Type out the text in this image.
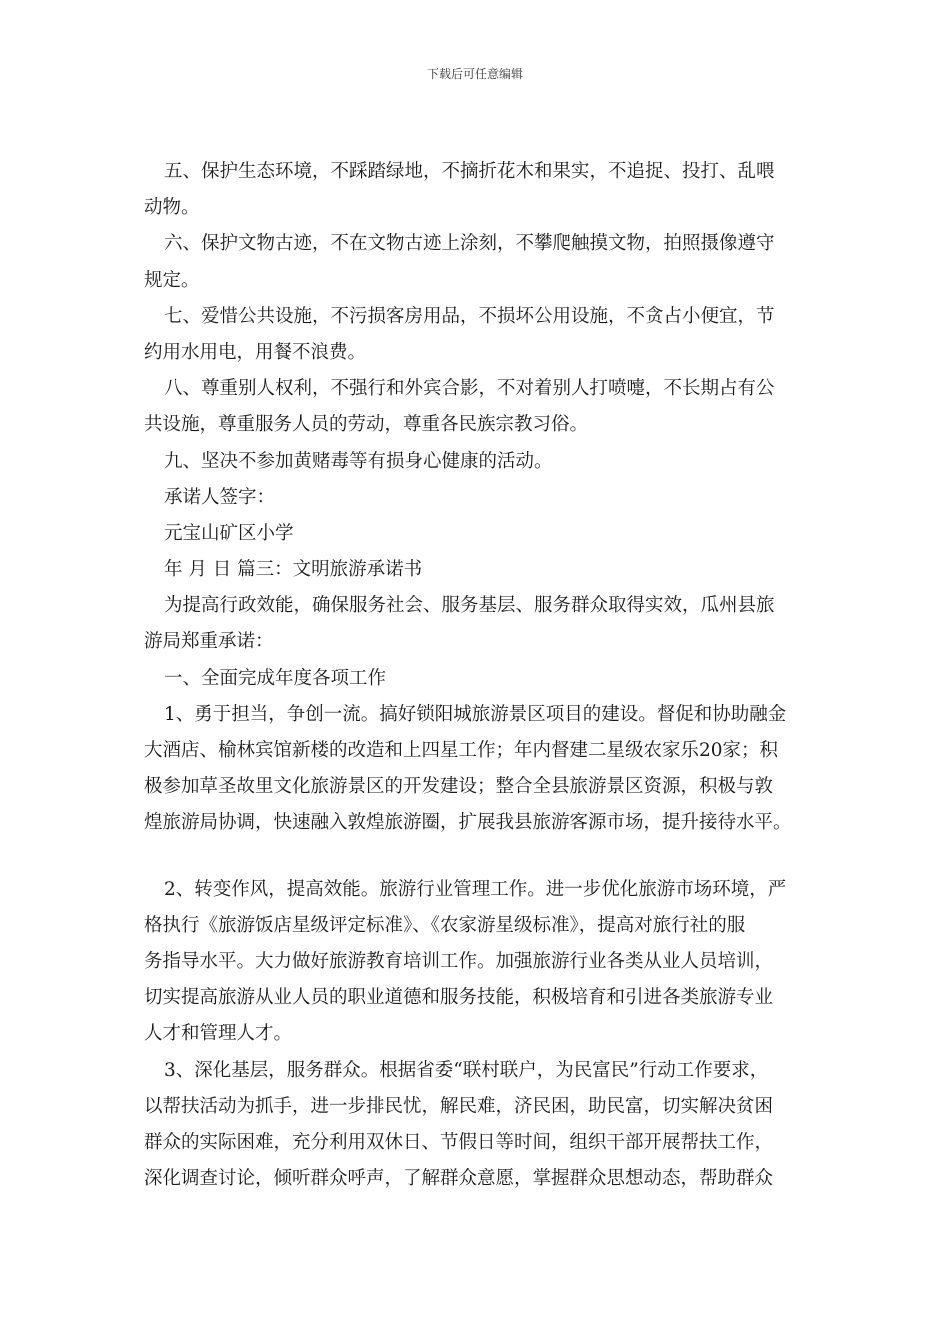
下载后可任意编辑
五、保护生态环境，不踩踏绿地，不摘折花木和果实，不追捉、投打、乱喂
动物。
六、保护文物古迹，不在文物古迹上涂刻，不攀爬触摸文物，拍照摄像遵守
规定。
七、爱惜公共设施，不污损客房用品，不损坏公用设施，不贪占小便宜，节
约用水用电，用餐不浪费。
八、尊重别人权利，不强行和外宾合影，不对着别人打喷嚏，不长期占有公
共设施，尊重服务人员的劳动，尊重各民族宗教习俗。
九、坚决不参加黄赌毒等有损身心健康的活动。
承诺人签字：
元宝山矿区小学
年 月 日 篇三：文明旅游承诺书
为提高行政效能，确保服务社会、服务基层、服务群众取得实效，瓜州县旅
游局郑重承诺：
一、全面完成年度各项工作
1、勇于担当，争创一流。搞好锁阳城旅游景区项目的建设。督促和协助融金
大酒店、榆林宾馆新楼的改造和上四星工作；年内督建二星级农家乐20家；积
极参加草圣故里文化旅游景区的开发建设；整合全县旅游景区资源，积极与敦
煌旅游局协调，快速融入敦煌旅游圈，扩展我县旅游客源市场，提升接待水平。
2、转变作风，提高效能。旅游行业管理工作。进一步优化旅游市场环境，严
格执行《旅游饭店星级评定标准》、《农家游星级标准》，提高对旅行社的服
务指导水平。大力做好旅游教育培训工作。加强旅游行业各类从业人员培训，
切实提高旅游从业人员的职业道德和服务技能，积极培育和引进各类旅游专业
人才和管理人才。
3、深化基层，服务群众。根据省委“联村联户，为民富民”行动工作要求，
以帮扶活动为抓手，进一步排民忧，解民难，济民困，助民富，切实解决贫困
群众的实际困难，充分利用双休日、节假日等时间，组织干部开展帮扶工作，
深化调查讨论，倾听群众呼声，了解群众意愿，掌握群众思想动态，帮助群众
